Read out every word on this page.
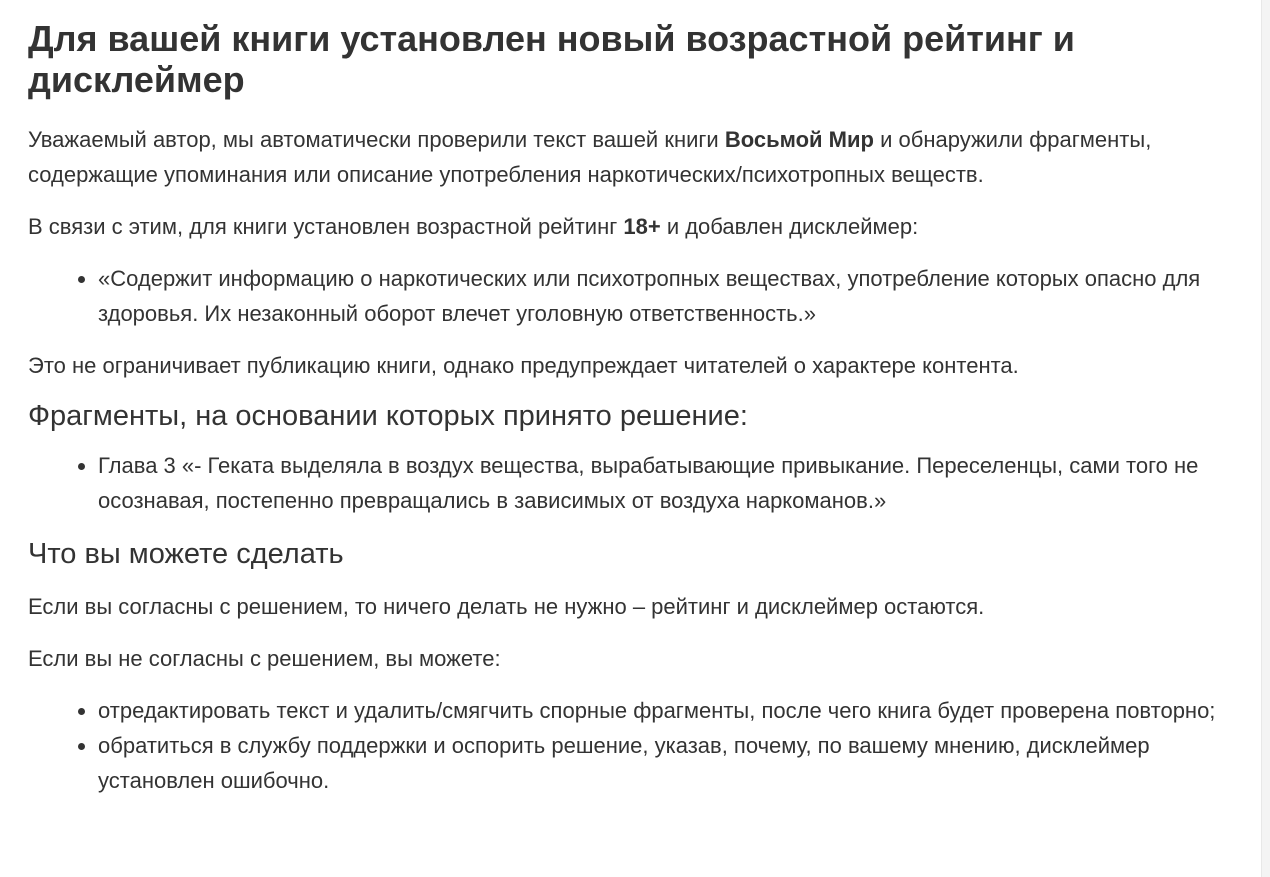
Для вашей книги установлен новый возрастной рейтинг и дисклеймер

Уважаемый автор, мы автоматически проверили текст вашей книги Восьмой Мир и обнаружили фрагменты, содержащие упоминания или описание употребления наркотических/психотропных веществ.

В связи с этим, для книги установлен возрастной рейтинг 18+ и добавлен дисклеймер:

• «Содержит информацию о наркотических или психотропных веществах, употребление которых опасно для здоровья. Их незаконный оборот влечет уголовную ответственность.»

Это не ограничивает публикацию книги, однако предупреждает читателей о характере контента.

Фрагменты, на основании которых принято решение:
• Глава 3 «- Геката выделяла в воздух вещества, вырабатывающие привыкание. Переселенцы, сами того не осознавая, постепенно превращались в зависимых от воздуха наркоманов.»
Что вы можете сделать

Если вы согласны с решением, то ничего делать не нужно – рейтинг и дисклеймер остаются.

Если вы не согласны с решением, вы можете:

• отредактировать текст и удалить/смягчить спорные фрагменты, после чего книга будет проверена повторно;
• обратиться в службу поддержки и оспорить решение, указав, почему, по вашему мнению, дисклеймер установлен ошибочно.
